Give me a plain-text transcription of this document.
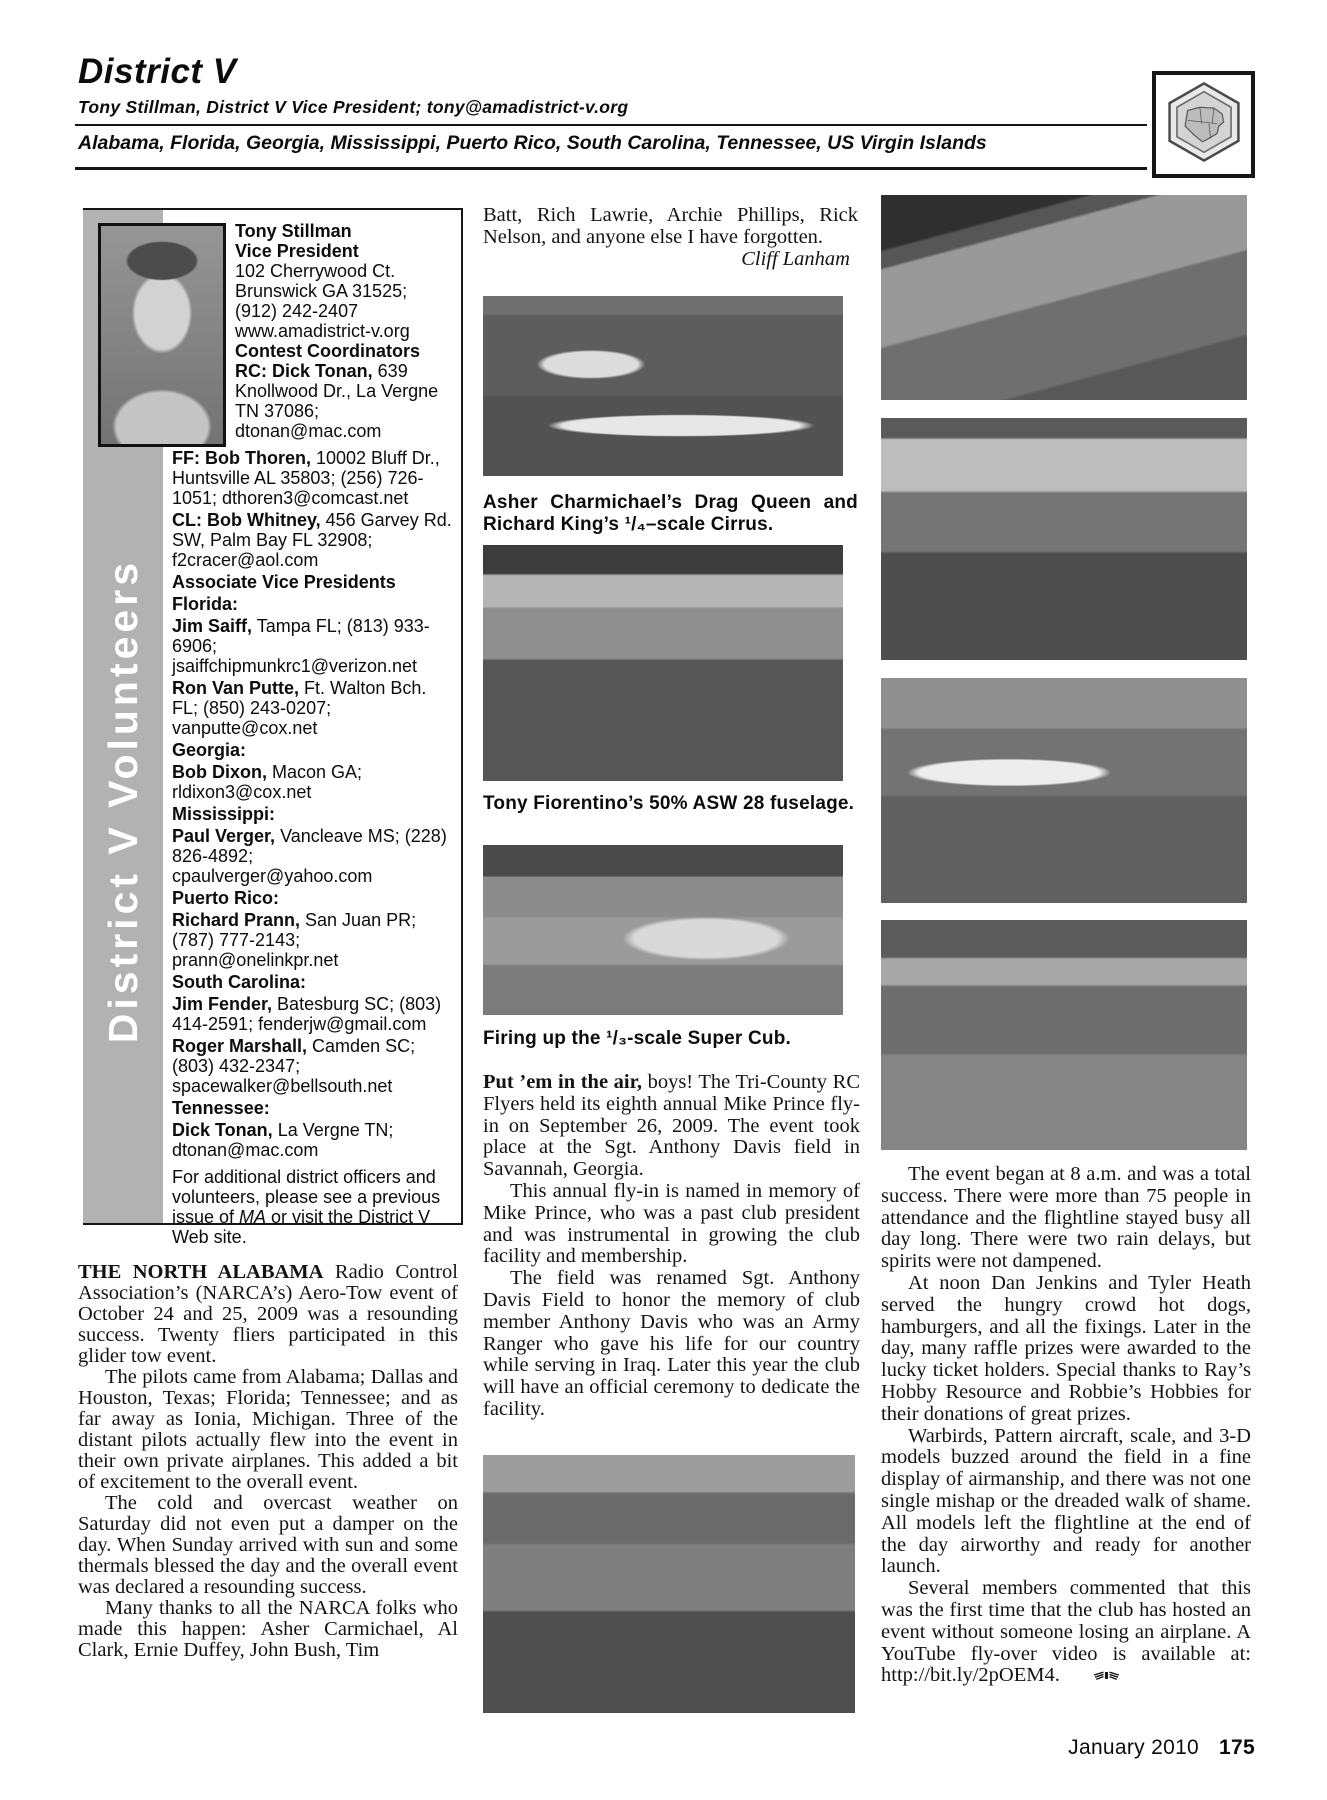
District V
Tony Stillman, District V Vice President; tony@amadistrict-v.org
Alabama, Florida, Georgia, Mississippi, Puerto Rico, South Carolina, Tennessee, US Virgin Islands
District V Volunteers
Tony Stillman
Vice President
102 Cherrywood Ct.
Brunswick GA 31525;
(912) 242-2407
www.amadistrict-v.org
Contest Coordinators
RC: Dick Tonan, 639 Knollwood Dr., La Vergne TN 37086; dtonan@mac.com
FF: Bob Thoren, 10002 Bluff Dr., Huntsville AL 35803; (256) 726-1051; dthoren3@comcast.net
CL: Bob Whitney, 456 Garvey Rd. SW, Palm Bay FL 32908; f2cracer@aol.com
Associate Vice Presidents
Florida:
Jim Saiff, Tampa FL; (813) 933-6906; jsaiffchipmunkrc1@verizon.net
Ron Van Putte, Ft. Walton Bch. FL; (850) 243-0207; vanputte@cox.net
Georgia:
Bob Dixon, Macon GA; rldixon3@cox.net
Mississippi:
Paul Verger, Vancleave MS; (228) 826-4892; cpaulverger@yahoo.com
Puerto Rico:
Richard Prann, San Juan PR; (787) 777-2143; prann@onelinkpr.net
South Carolina:
Jim Fender, Batesburg SC; (803) 414-2591; fenderjw@gmail.com
Roger Marshall, Camden SC; (803) 432-2347; spacewalker@bellsouth.net
Tennessee:
Dick Tonan, La Vergne TN; dtonan@mac.com
For additional district officers and volunteers, please see a previous issue of MA or visit the District V Web site.

THE NORTH ALABAMA Radio Control Association’s (NARCA’s) Aero-Tow event of October 24 and 25, 2009 was a resounding success. Twenty fliers participated in this glider tow event.

The pilots came from Alabama; Dallas and Houston, Texas; Florida; Tennessee; and as far away as Ionia, Michigan. Three of the distant pilots actually flew into the event in their own private airplanes. This added a bit of excitement to the overall event.

The cold and overcast weather on Saturday did not even put a damper on the day. When Sunday arrived with sun and some thermals blessed the day and the overall event was declared a resounding success.

Many thanks to all the NARCA folks who made this happen: Asher Carmichael, Al Clark, Ernie Duffey, John Bush, Tim

Batt, Rich Lawrie, Archie Phillips, Rick Nelson, and anyone else I have forgotten.

Cliff Lanham

Asher Charmichael’s Drag Queen and Richard King’s ¹/₄–scale Cirrus.
Tony Fiorentino’s 50% ASW 28 fuselage.
Firing up the ¹/₃-scale Super Cub.

Put ’em in the air, boys! The Tri-County RC Flyers held its eighth annual Mike Prince fly-in on September 26, 2009. The event took place at the Sgt. Anthony Davis field in Savannah, Georgia.

This annual fly-in is named in memory of Mike Prince, who was a past club president and was instrumental in growing the club facility and membership.

The field was renamed Sgt. Anthony Davis Field to honor the memory of club member Anthony Davis who was an Army Ranger who gave his life for our country while serving in Iraq. Later this year the club will have an official ceremony to dedicate the facility.

The event began at 8 a.m. and was a total success. There were more than 75 people in attendance and the flightline stayed busy all day long. There were two rain delays, but spirits were not dampened.

At noon Dan Jenkins and Tyler Heath served the hungry crowd hot dogs, hamburgers, and all the fixings. Later in the day, many raffle prizes were awarded to the lucky ticket holders. Special thanks to Ray’s Hobby Resource and Robbie’s Hobbies for their donations of great prizes.

Warbirds, Pattern aircraft, scale, and 3-D models buzzed around the field in a fine display of airmanship, and there was not one single mishap or the dreaded walk of shame. All models left the flightline at the end of the day airworthy and ready for another launch.

Several members commented that this was the first time that the club has hosted an event without someone losing an airplane. A YouTube fly-over video is available at: http://bit.ly/2pOEM4.

January 2010 175
